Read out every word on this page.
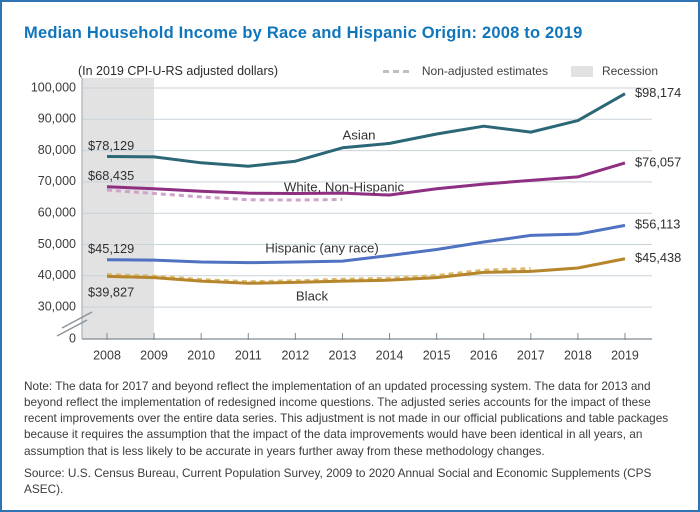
Median Household Income by Race and Hispanic Origin: 2008 to 2019
(In 2019 CPI-U-RS adjusted dollars)	Non-adjusted estimates	Recession
100,000
90,000
80,000
70,000
60,000
50,000
40,000
30,000
0
2008 2009 2010 2011 2012 2013 2014 2015 2016 2017 2018 2019
$78,129
$98,174
Asian
$68,435
$76,057
White, Non-Hispanic
$45,129
$56,113
Hispanic (any race)
$39,827
$45,438
Black
Note: The data for 2017 and beyond reflect the implementation of an updated processing system. The data for 2013 and beyond reflect the implementation of redesigned income questions. The adjusted series accounts for the impact of these recent improvements over the entire data series. This adjustment is not made in our official publications and table packages because it requires the assumption that the impact of the data improvements would have been identical in all years, an assumption that is less likely to be accurate in years further away from these methodology changes.
Source: U.S. Census Bureau, Current Population Survey, 2009 to 2020 Annual Social and Economic Supplements (CPS ASEC).
